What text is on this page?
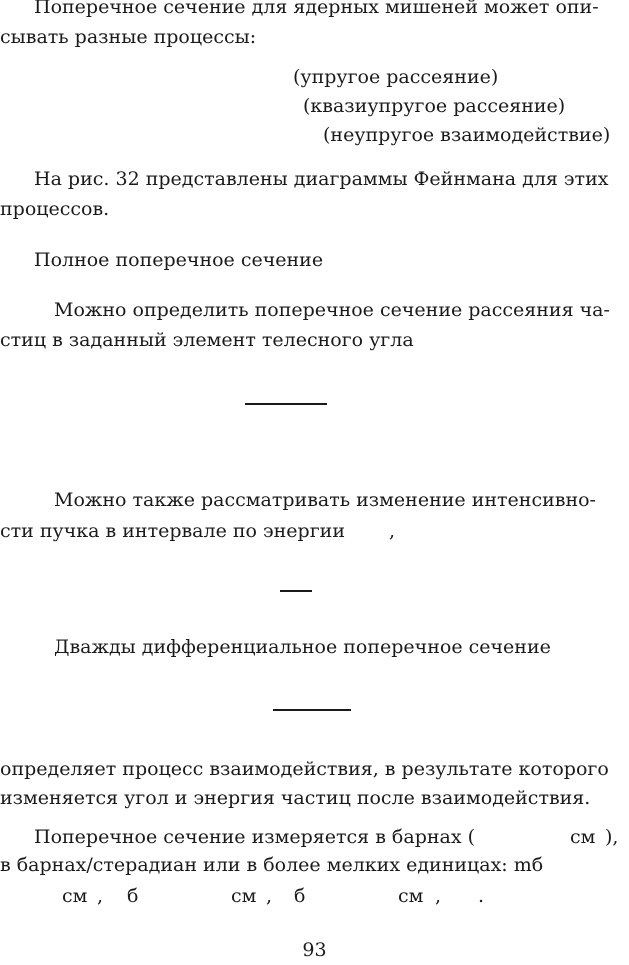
Поперечное сечение для ядерных мишеней может опи-
сывать разные процессы:
(упругое рассеяние)
(квазиупругое рассеяние)
(неупругое взаимодействие)
На рис. 32 представлены диаграммы Фейнмана для этих
процессов.
Полное поперечное сечение
Можно определить поперечное сечение рассеяния ча-
стиц в заданный элемент телесного угла
Можно также рассматривать изменение интенсивно-
сти пучка в интервале по энергии ,
Дважды дифференциальное поперечное сечение
определяет процесс взаимодействия, в результате которого
изменяется угол и энергия частиц после взаимодействия.
Поперечное сечение измеряется в барнах (	см ),
в барнах/стерадиан или в более мелких единицах: mб
см , б	см , б	см , .
93
